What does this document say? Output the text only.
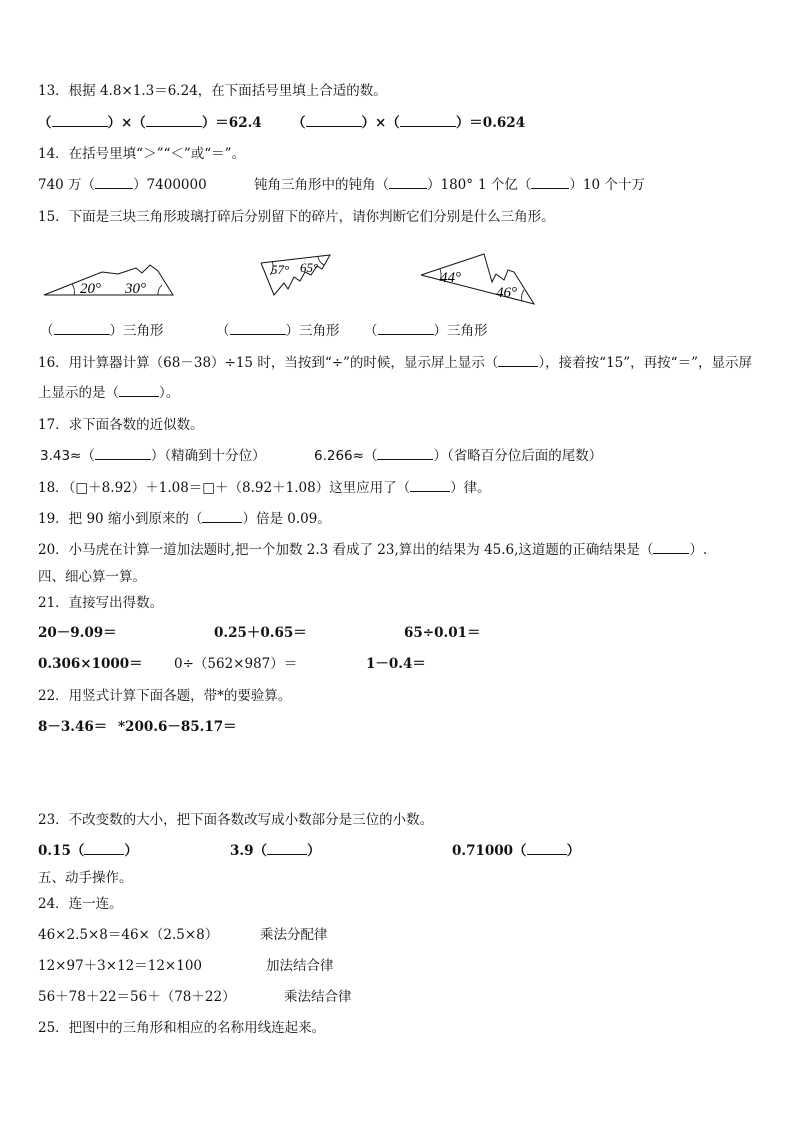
13．根据 4.8×1.3＝6.24，在下面括号里填上合适的数。
（	）×（	）＝62.4 （	）×（	）＝0.624
14．在括号里填“＞”“＜”或“＝”。
740 万（	）7400000	钝角三角形中的钝角（	）180° 1 个亿（	）10 个十万
15．下面是三块三角形玻璃打碎后分别留下的碎片，请你判断它们分别是什么三角形。
20° 30°
57° 65°
44°
46°
（	）三角形	（	）三角形 （	）三角形
16．用计算器计算（68－38）÷15 时，当按到“÷”的时候，显示屏上显示（	），接着按“15”，再按“＝”，显示屏
上显示的是（	）。
17．求下面各数的近似数。
3.43≈（	）（精确到十分位）	6.266≈（	）（省略百分位后面的尾数）
18．（□＋8.92）＋1.08＝□＋（8.92＋1.08）这里应用了（	）律。
19．把 90 缩小到原来的（	）倍是 0.09。
20．小马虎在计算一道加法题时,把一个加数 2.3 看成了 23,算出的结果为 45.6,这道题的正确结果是（	）.
四、细心算一算。
21．直接写出得数。
20－9.09＝	0.25＋0.65＝	65÷0.01＝
0.306×1000＝ 0÷（562×987）＝	1－0.4＝
22．用竖式计算下面各题，带*的要验算。
8－3.46＝ *200.6－85.17＝
23．不改变数的大小，把下面各数改写成小数部分是三位的小数。
0.15（	）	3.9（	）	0.71000（	）
五、动手操作。
24．连一连。
46×2.5×8＝46×（2.5×8）	乘法分配律
12×97＋3×12＝12×100	加法结合律
56＋78＋22＝56＋（78＋22）	乘法结合律
25．把图中的三角形和相应的名称用线连起来。
